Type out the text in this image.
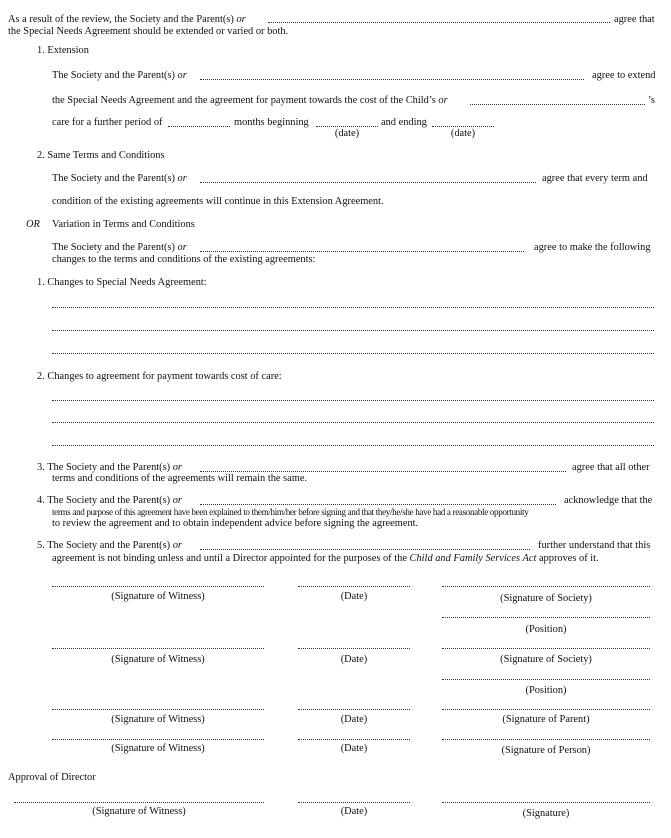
As a result of the review, the Society and the Parent(s) or	agree that
the Special Needs Agreement should be extended or varied or both.
1. Extension
The Society and the Parent(s) or	agree to extend
the Special Needs Agreement and the agreement for payment towards the cost of the Child’s or	’s
care for a further period of	months beginning	and ending
(date)	(date)
2. Same Terms and Conditions
The Society and the Parent(s) or	agree that every term and
condition of the existing agreements will continue in this Extension Agreement.
OR Variation in Terms and Conditions
The Society and the Parent(s) or	agree to make the following
changes to the terms and conditions of the existing agreements:
1. Changes to Special Needs Agreement:
2. Changes to agreement for payment towards cost of care:
3. The Society and the Parent(s) or	agree that all other
terms and conditions of the agreements will remain the same.
4. The Society and the Parent(s) or	acknowledge that the
terms and purpose of this agreement have been explained to them/him/her before signing and that they/he/she have had a reasonable opportunity
to review the agreement and to obtain independent advice before signing the agreement.
5. The Society and the Parent(s) or	further understand that this
agreement is not binding unless and until a Director appointed for the purposes of the Child and Family Services Act approves of it.
(Signature of Witness)	(Date)	(Signature of Society)
(Position)
(Signature of Witness)	(Date)	(Signature of Society)
(Position)
(Signature of Witness)	(Date)	(Signature of Parent)
(Signature of Witness)	(Date)	(Signature of Person)
Approval of Director
(Signature of Witness)	(Date)	(Signature)
